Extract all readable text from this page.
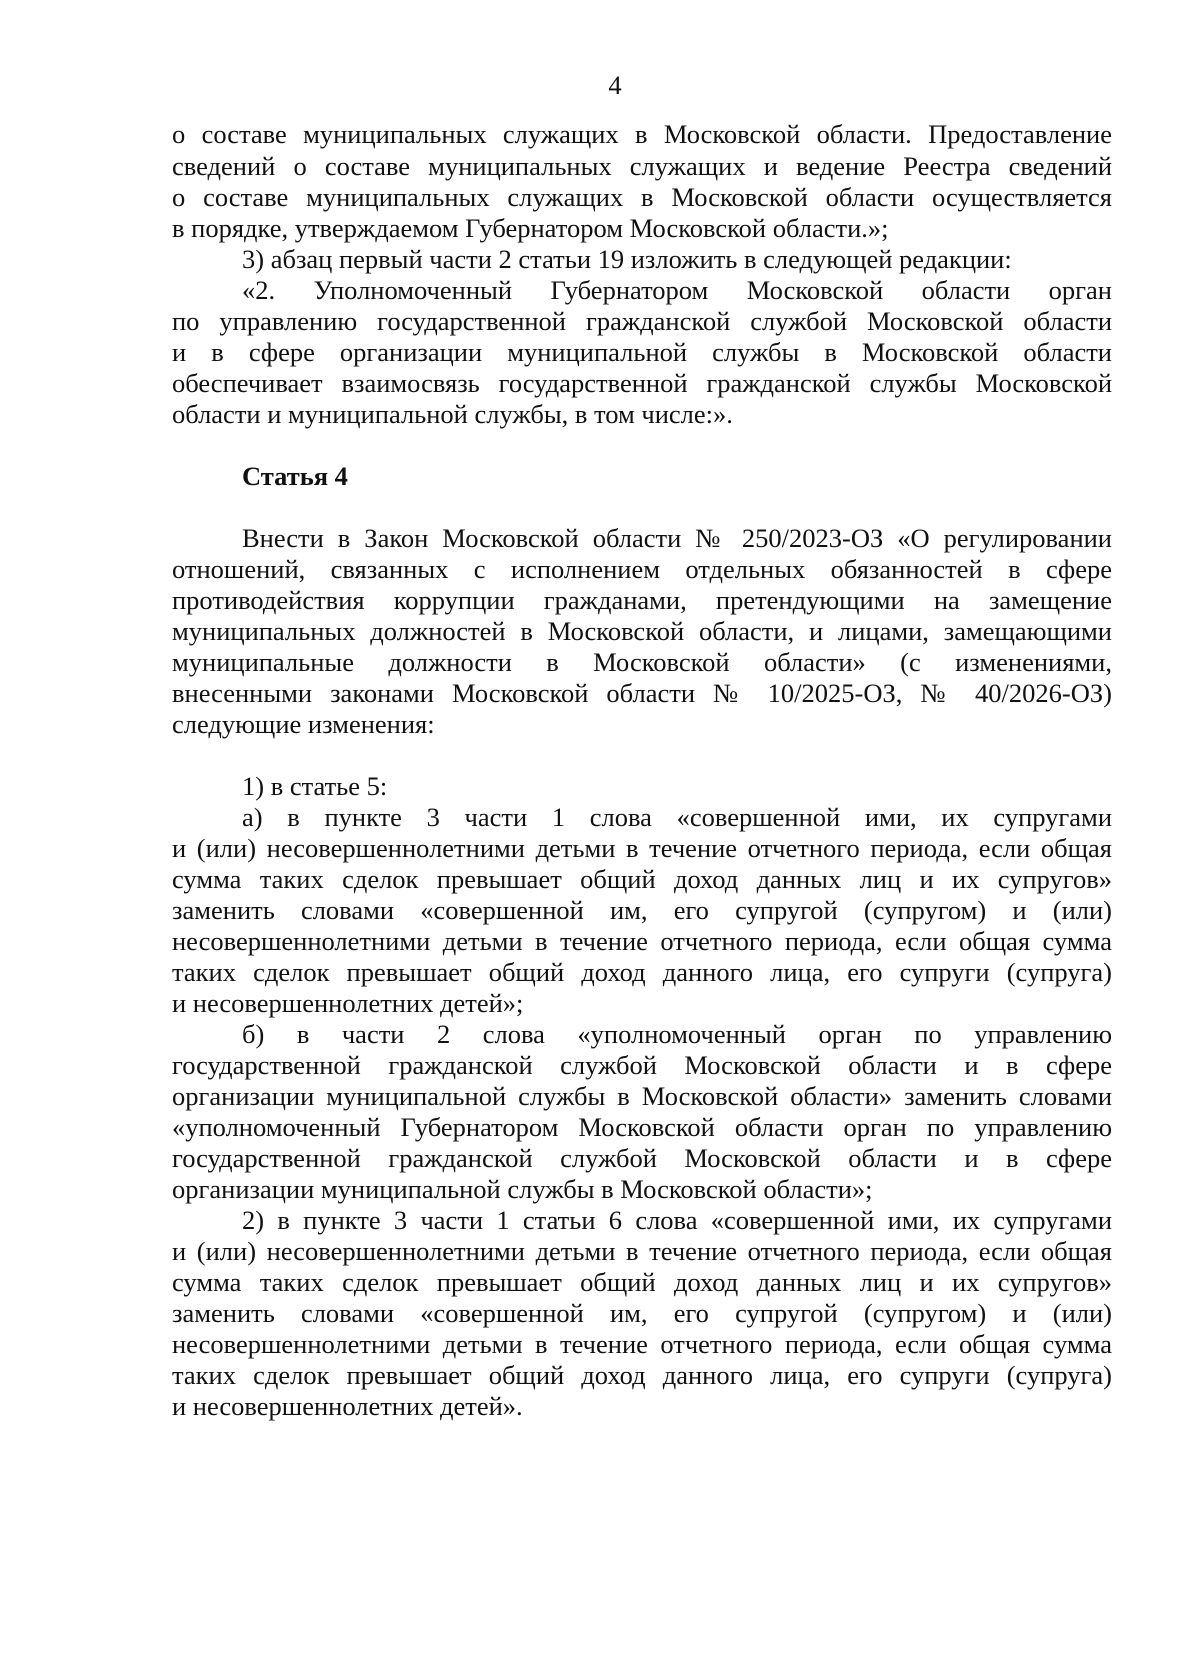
4
о составе муниципальных служащих в Московской области. Предоставление
сведений о составе муниципальных служащих и ведение Реестра сведений
о составе муниципальных служащих в Московской области осуществляется
в порядке, утверждаемом Губернатором Московской области.»;
3) абзац первый части 2 статьи 19 изложить в следующей редакции:
«2. Уполномоченный Губернатором Московской области орган
по управлению государственной гражданской службой Московской области
и в сфере организации муниципальной службы в Московской области
обеспечивает взаимосвязь государственной гражданской службы Московской
области и муниципальной службы, в том числе:».
Статья 4
Внести в Закон Московской области № 250/2023-ОЗ «О регулировании
отношений, связанных с исполнением отдельных обязанностей в сфере
противодействия коррупции гражданами, претендующими на замещение
муниципальных должностей в Московской области, и лицами, замещающими
муниципальные должности в Московской области» (с изменениями,
внесенными законами Московской области № 10/2025-ОЗ, № 40/2026-ОЗ)
следующие изменения:
1) в статье 5:
а) в пункте 3 части 1 слова «совершенной ими, их супругами
и (или) несовершеннолетними детьми в течение отчетного периода, если общая
сумма таких сделок превышает общий доход данных лиц и их супругов»
заменить словами «совершенной им, его супругой (супругом) и (или)
несовершеннолетними детьми в течение отчетного периода, если общая сумма
таких сделок превышает общий доход данного лица, его супруги (супруга)
и несовершеннолетних детей»;
б) в части 2 слова «уполномоченный орган по управлению
государственной гражданской службой Московской области и в сфере
организации муниципальной службы в Московской области» заменить словами
«уполномоченный Губернатором Московской области орган по управлению
государственной гражданской службой Московской области и в сфере
организации муниципальной службы в Московской области»;
2) в пункте 3 части 1 статьи 6 слова «совершенной ими, их супругами
и (или) несовершеннолетними детьми в течение отчетного периода, если общая
сумма таких сделок превышает общий доход данных лиц и их супругов»
заменить словами «совершенной им, его супругой (супругом) и (или)
несовершеннолетними детьми в течение отчетного периода, если общая сумма
таких сделок превышает общий доход данного лица, его супруги (супруга)
и несовершеннолетних детей».
